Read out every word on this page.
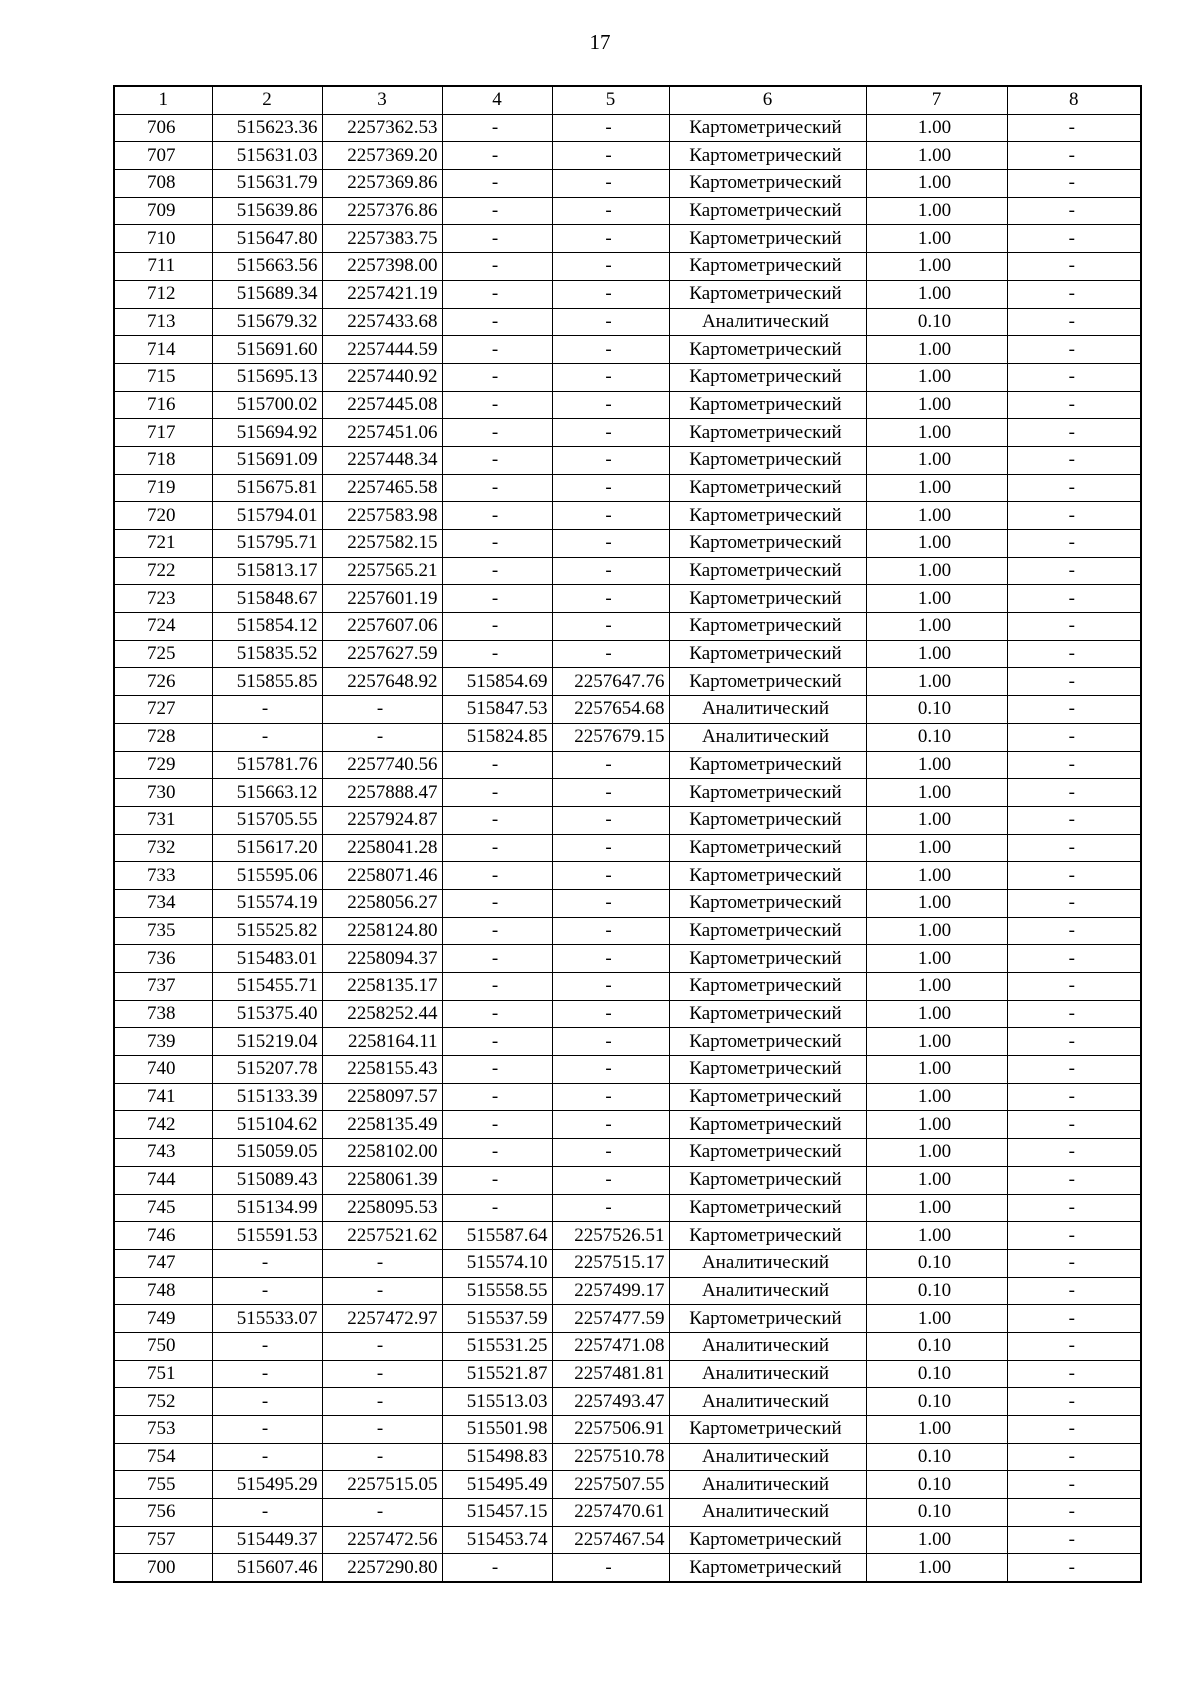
17
1	2	3	4	5	6	7	8
706	515623.36	2257362.53	-	-	Картометрический	1.00	-
707	515631.03	2257369.20	-	-	Картометрический	1.00	-
708	515631.79	2257369.86	-	-	Картометрический	1.00	-
709	515639.86	2257376.86	-	-	Картометрический	1.00	-
710	515647.80	2257383.75	-	-	Картометрический	1.00	-
711	515663.56	2257398.00	-	-	Картометрический	1.00	-
712	515689.34	2257421.19	-	-	Картометрический	1.00	-
713	515679.32	2257433.68	-	-	Аналитический	0.10	-
714	515691.60	2257444.59	-	-	Картометрический	1.00	-
715	515695.13	2257440.92	-	-	Картометрический	1.00	-
716	515700.02	2257445.08	-	-	Картометрический	1.00	-
717	515694.92	2257451.06	-	-	Картометрический	1.00	-
718	515691.09	2257448.34	-	-	Картометрический	1.00	-
719	515675.81	2257465.58	-	-	Картометрический	1.00	-
720	515794.01	2257583.98	-	-	Картометрический	1.00	-
721	515795.71	2257582.15	-	-	Картометрический	1.00	-
722	515813.17	2257565.21	-	-	Картометрический	1.00	-
723	515848.67	2257601.19	-	-	Картометрический	1.00	-
724	515854.12	2257607.06	-	-	Картометрический	1.00	-
725	515835.52	2257627.59	-	-	Картометрический	1.00	-
726	515855.85	2257648.92	515854.69	2257647.76	Картометрический	1.00	-
727	-	-	515847.53	2257654.68	Аналитический	0.10	-
728	-	-	515824.85	2257679.15	Аналитический	0.10	-
729	515781.76	2257740.56	-	-	Картометрический	1.00	-
730	515663.12	2257888.47	-	-	Картометрический	1.00	-
731	515705.55	2257924.87	-	-	Картометрический	1.00	-
732	515617.20	2258041.28	-	-	Картометрический	1.00	-
733	515595.06	2258071.46	-	-	Картометрический	1.00	-
734	515574.19	2258056.27	-	-	Картометрический	1.00	-
735	515525.82	2258124.80	-	-	Картометрический	1.00	-
736	515483.01	2258094.37	-	-	Картометрический	1.00	-
737	515455.71	2258135.17	-	-	Картометрический	1.00	-
738	515375.40	2258252.44	-	-	Картометрический	1.00	-
739	515219.04	2258164.11	-	-	Картометрический	1.00	-
740	515207.78	2258155.43	-	-	Картометрический	1.00	-
741	515133.39	2258097.57	-	-	Картометрический	1.00	-
742	515104.62	2258135.49	-	-	Картометрический	1.00	-
743	515059.05	2258102.00	-	-	Картометрический	1.00	-
744	515089.43	2258061.39	-	-	Картометрический	1.00	-
745	515134.99	2258095.53	-	-	Картометрический	1.00	-
746	515591.53	2257521.62	515587.64	2257526.51	Картометрический	1.00	-
747	-	-	515574.10	2257515.17	Аналитический	0.10	-
748	-	-	515558.55	2257499.17	Аналитический	0.10	-
749	515533.07	2257472.97	515537.59	2257477.59	Картометрический	1.00	-
750	-	-	515531.25	2257471.08	Аналитический	0.10	-
751	-	-	515521.87	2257481.81	Аналитический	0.10	-
752	-	-	515513.03	2257493.47	Аналитический	0.10	-
753	-	-	515501.98	2257506.91	Картометрический	1.00	-
754	-	-	515498.83	2257510.78	Аналитический	0.10	-
755	515495.29	2257515.05	515495.49	2257507.55	Аналитический	0.10	-
756	-	-	515457.15	2257470.61	Аналитический	0.10	-
757	515449.37	2257472.56	515453.74	2257467.54	Картометрический	1.00	-
700	515607.46	2257290.80	-	-	Картометрический	1.00	-
